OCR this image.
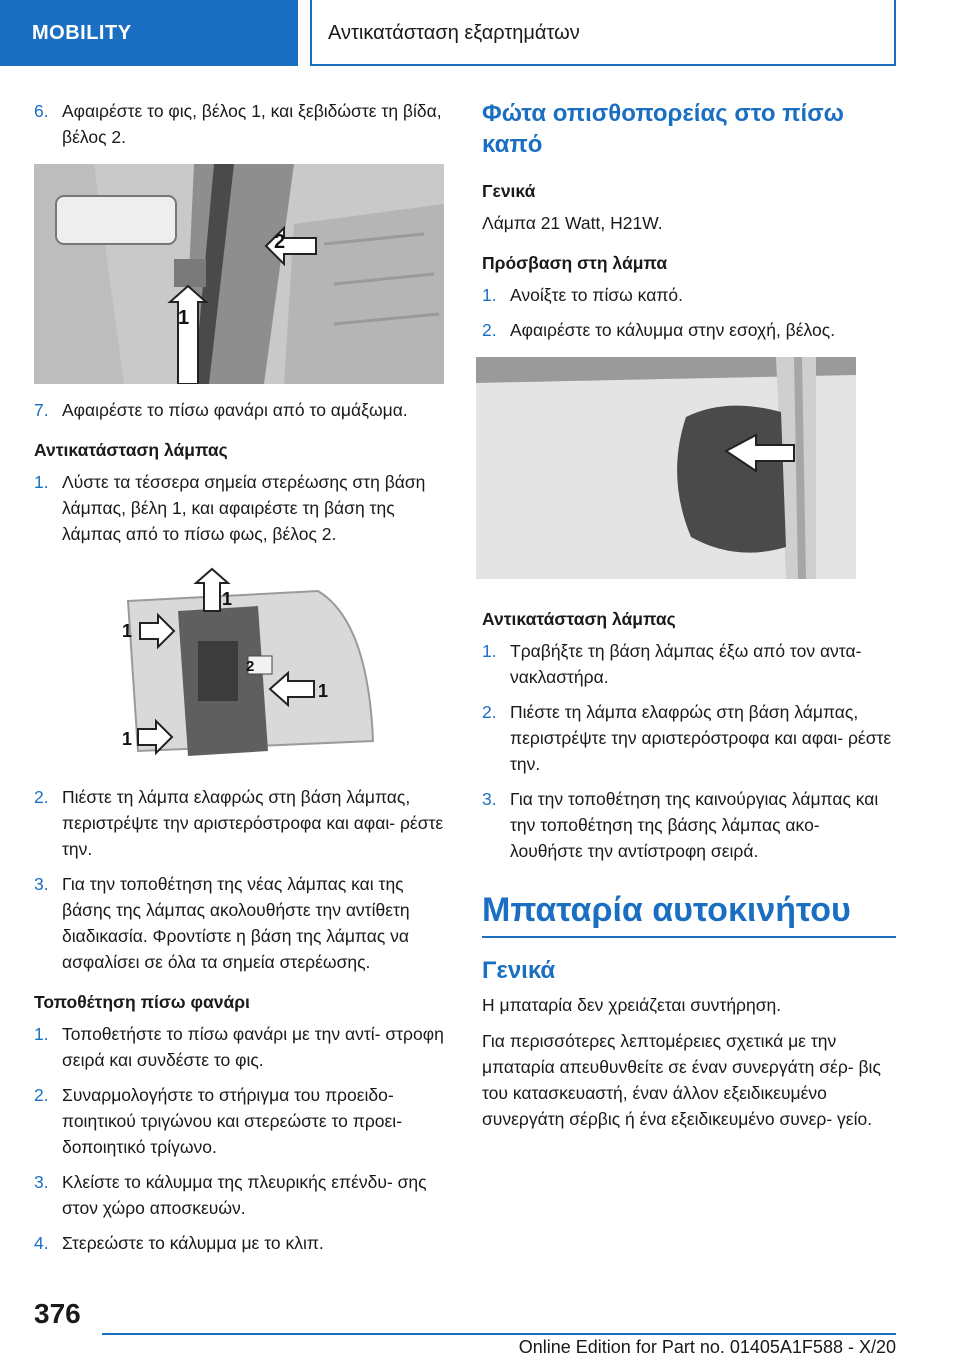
MOBILITY	Αντικατάσταση εξαρτημάτων
6. Αφαιρέστε το φις, βέλος 1, και ξεβιδώστε τη βίδα, βέλος 2.
2
1
7. Αφαιρέστε το πίσω φανάρι από το αμάξωμα.
Αντικατάσταση λάμπας
1. Λύστε τα τέσσερα σημεία στερέωσης στη βάση λάμπας, βέλη 1, και αφαιρέστε τη βάση της λάμπας από το πίσω φως, βέλος 2.
1
1
2
1
1
2. Πιέστε τη λάμπα ελαφρώς στη βάση λάμπας, περιστρέψτε την αριστερόστροφα και αφαι‐ ρέστε την.
3. Για την τοποθέτηση της νέας λάμπας και της βάσης της λάμπας ακολουθήστε την αντίθετη διαδικασία. Φροντίστε η βάση της λάμπας να ασφαλίσει σε όλα τα σημεία στερέωσης.
Τοποθέτηση πίσω φανάρι
1. Τοποθετήστε το πίσω φανάρι με την αντί‐ στροφη σειρά και συνδέστε το φις.
2. Συναρμολογήστε το στήριγμα του προειδο‐ ποιητικού τριγώνου και στερεώστε το προει‐ δοποιητικό τρίγωνο.
3. Κλείστε το κάλυμμα της πλευρικής επένδυ‐ σης στον χώρο αποσκευών.
4. Στερεώστε το κάλυμμα με το κλιπ.
Φώτα οπισθοπορείας στο πίσω καπό
Γενικά
Λάμπα 21 Watt, H21W.
Πρόσβαση στη λάμπα
1. Ανοίξτε το πίσω καπό.
2. Αφαιρέστε το κάλυμμα στην εσοχή, βέλος.
Αντικατάσταση λάμπας
1. Τραβήξτε τη βάση λάμπας έξω από τον αντα‐ νακλαστήρα.
2. Πιέστε τη λάμπα ελαφρώς στη βάση λάμπας, περιστρέψτε την αριστερόστροφα και αφαι‐ ρέστε την.
3. Για την τοποθέτηση της καινούργιας λάμπας και την τοποθέτηση της βάσης λάμπας ακο‐ λουθήστε την αντίστροφη σειρά.
Μπαταρία αυτοκινήτου
Γενικά
Η μπαταρία δεν χρειάζεται συντήρηση.
Για περισσότερες λεπτομέρειες σχετικά με την μπαταρία απευθυνθείτε σε έναν συνεργάτη σέρ‐ βις του κατασκευαστή, έναν άλλον εξειδικευμένο συνεργάτη σέρβις ή ένα εξειδικευμένο συνερ‐ γείο.
376
Online Edition for Part no. 01405A1F588 - X/20
